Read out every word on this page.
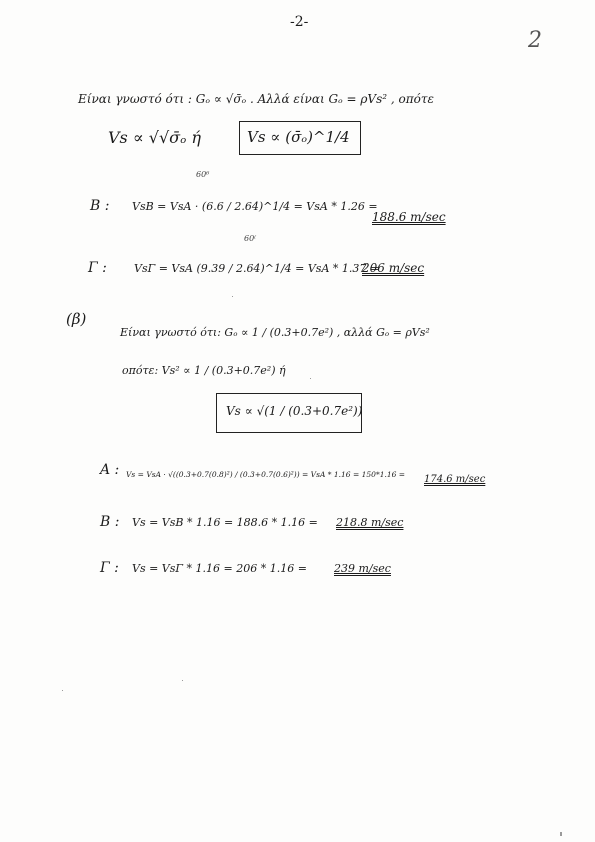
-2-
2
Είναι γνωστό ότι : Gₒ ∝ √σ̄ₒ . Αλλά είναι Gₒ = ρVs² , οπότε
Vs ∝ √√σ̄ₒ ή	Vs ∝ (σ̄ₒ)^1/4
60⁶
Β : VsB = VsA · (6.6 / 2.64)^1/4 = VsA * 1.26 =
188.6 m/sec
60⁽
Γ : VsΓ = VsA (9.39 / 2.64)^1/4 = VsA * 1.37 =
206 m/sec
(β)
Είναι γνωστό ότι: Gₒ ∝ 1 / (0.3+0.7e²) , αλλά Gₒ = ρVs²
οπότε: Vs² ∝ 1 / (0.3+0.7e²) ή
Vs ∝ √(1 / (0.3+0.7e²))
A : Vs = VsA · √((0.3+0.7(0.8)²) / (0.3+0.7(0.6)²)) = VsA * 1.16 = 150*1.16 = 174.6 m/sec
B : Vs = VsB * 1.16 = 188.6 * 1.16 = 218.8 m/sec
Γ : Vs = VsΓ * 1.16 = 206 * 1.16 = 239 m/sec
